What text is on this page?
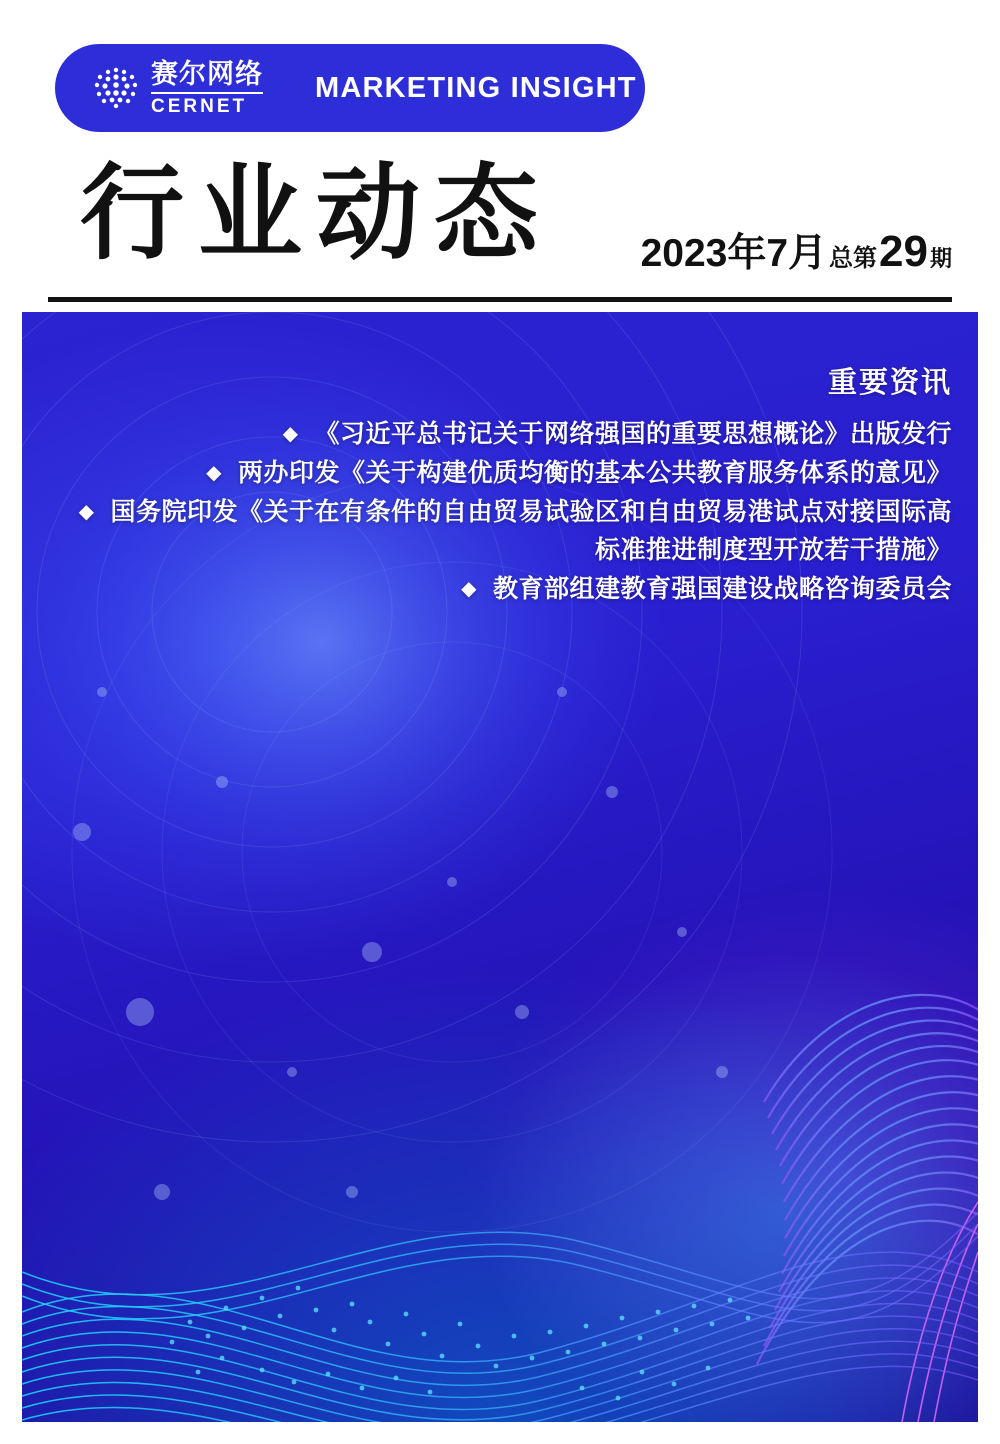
赛尔网络
CERNET
MARKETING INSIGHT
行业动态 2023年7月 总第 29 期
重要资讯
◆ 《习近平总书记关于网络强国的重要思想概论》出版发行
◆ 两办印发《关于构建优质均衡的基本公共教育服务体系的意见》
◆ 国务院印发《关于在有条件的自由贸易试验区和自由贸易港试点对接国际高
标准推进制度型开放若干措施》
◆ 教育部组建教育强国建设战略咨询委员会
